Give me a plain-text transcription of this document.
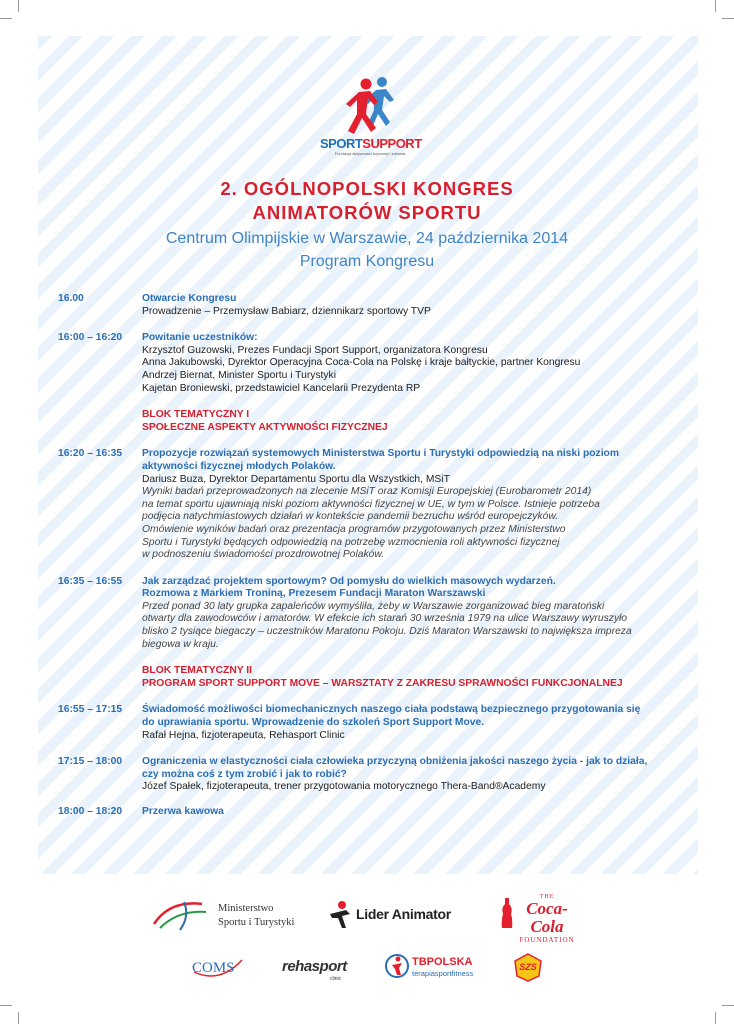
SPORTSUPPORT
Fundacja aktywności fizycznej i zdrowia
2. OGÓLNOPOLSKI KONGRES
ANIMATORÓW SPORTU
Centrum Olimpijskie w Warszawie, 24 października 2014
Program Kongresu
16.00	Otwarcie Kongresu
Prowadzenie – Przemysław Babiarz, dziennikarz sportowy TVP
16:00 – 16:20 Powitanie uczestników:
Krzysztof Guzowski, Prezes Fundacji Sport Support, organizatora Kongresu
Anna Jakubowski, Dyrektor Operacyjna Coca-Cola na Polskę i kraje bałtyckie, partner Kongresu
Andrzej Biernat, Minister Sportu i Turystyki
Kajetan Broniewski, przedstawiciel Kancelarii Prezydenta RP
BLOK TEMATYCZNY I
SPOŁECZNE ASPEKTY AKTYWNOŚCI FIZYCZNEJ
16:20 – 16:35 Propozycje rozwiązań systemowych Ministerstwa Sportu i Turystyki odpowiedzią na niski poziom
aktywności fizycznej młodych Polaków.
Dariusz Buza, Dyrektor Departamentu Sportu dla Wszystkich, MSiT
Wyniki badań przeprowadzonych na zlecenie MSiT oraz Komisji Europejskiej (Eurobarometr 2014)
na temat sportu ujawniają niski poziom aktywności fizycznej w UE, w tym w Polsce. Istnieje potrzeba
podjęcia natychmiastowych działań w kontekście pandemii bezruchu wśród europejczyków.
Omówienie wyników badań oraz prezentacja programów przygotowanych przez Ministerstwo
Sportu i Turystyki będących odpowiedzią na potrzebę wzmocnienia roli aktywności fizycznej
w podnoszeniu świadomości prozdrowotnej Polaków.
16:35 – 16:55 Jak zarządzać projektem sportowym? Od pomysłu do wielkich masowych wydarzeń.
Rozmowa z Markiem Troniną, Prezesem Fundacji Maraton Warszawski
Przed ponad 30 laty grupka zapaleńców wymyśliła, żeby w Warszawie zorganizować bieg maratoński
otwarty dla zawodowców i amatorów. W efekcie ich starań 30 września 1979 na ulice Warszawy wyruszyło
blisko 2 tysiące biegaczy – uczestników Maratonu Pokoju. Dziś Maraton Warszawski to największa impreza
biegowa w kraju.
BLOK TEMATYCZNY II
PROGRAM SPORT SUPPORT MOVE – WARSZTATY Z ZAKRESU SPRAWNOŚCI FUNKCJONALNEJ
16:55 – 17:15 Świadomość możliwości biomechanicznych naszego ciała podstawą bezpiecznego przygotowania się
do uprawiania sportu. Wprowadzenie do szkoleń Sport Support Move.
Rafał Hejna, fizjoterapeuta, Rehasport Clinic
17:15 – 18:00 Ograniczenia w elastyczności ciała człowieka przyczyną obniżenia jakości naszego życia - jak to działa,
czy można coś z tym zrobić i jak to robić?
Józef Spałek, fizjoterapeuta, trener przygotowania motorycznego Thera-Band®Academy
18:00 – 18:20 Przerwa kawowa
Ministerstwo
Sportu i Turystyki
Lider Animator
THE
Coca-Cola
FOUNDATION
COMS	rehasport
clinic
TBPOLSKA
terapiasportfitness
SZS
